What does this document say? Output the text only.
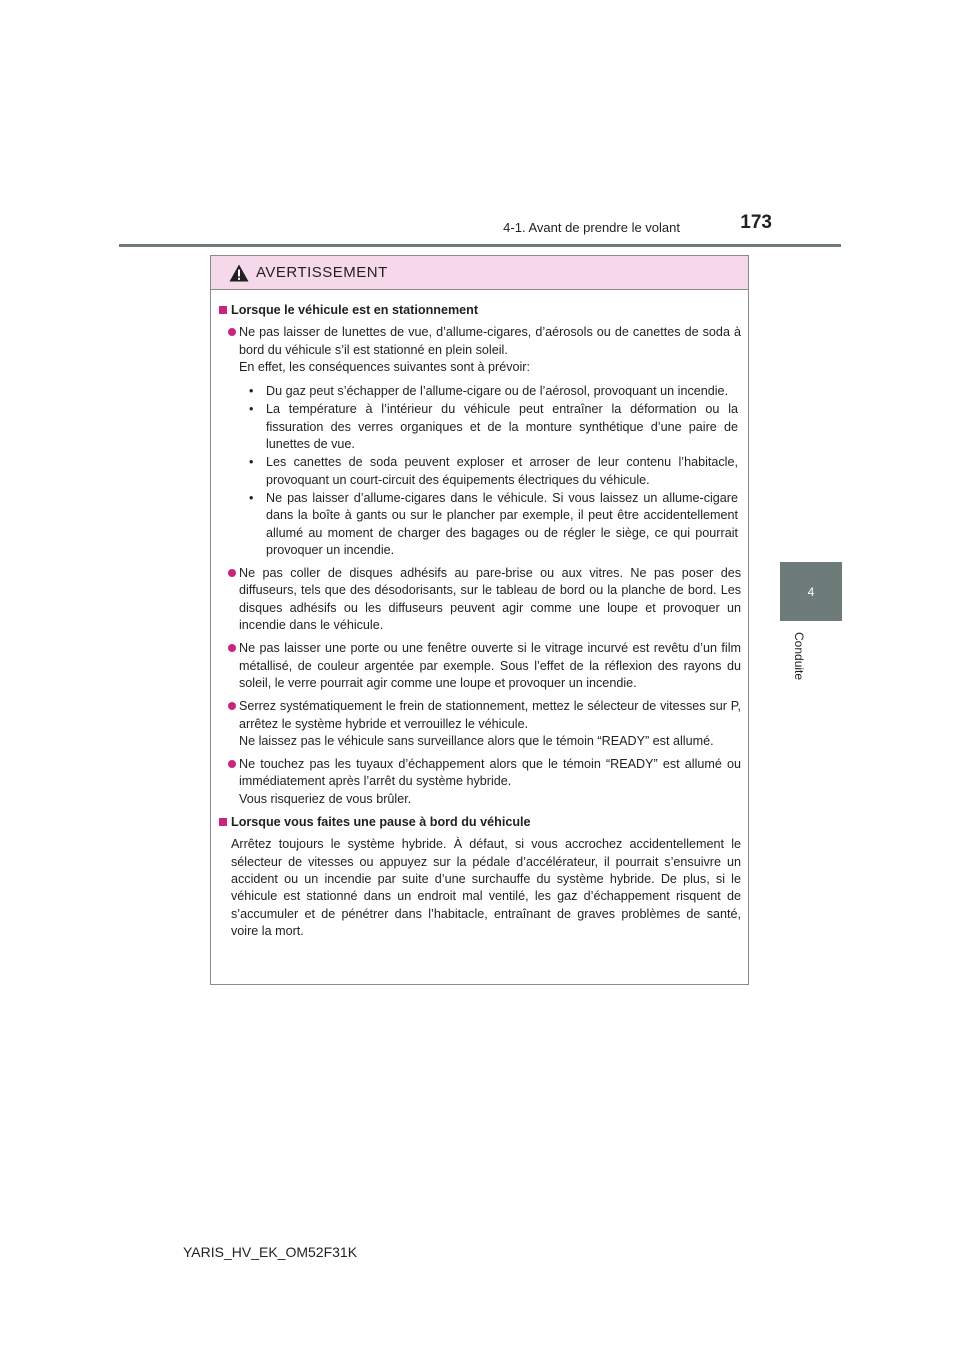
4-1. Avant de prendre le volant	173
4
Conduite
AVERTISSEMENT
Lorsque le véhicule est en stationnement

Ne pas laisser de lunettes de vue, d’allume-cigares, d’aérosols ou de canettes de soda à bord du véhicule s’il est stationné en plein soleil.

En effet, les conséquences suivantes sont à prévoir:

• Du gaz peut s’échapper de l’allume-cigare ou de l’aérosol, provoquant un incendie.
• La température à l’intérieur du véhicule peut entraîner la déformation ou la fissuration des verres organiques et de la monture synthétique d’une paire de lunettes de vue.
• Les canettes de soda peuvent exploser et arroser de leur contenu l’habitacle, provoquant un court-circuit des équipements électriques du véhicule.
• Ne pas laisser d’allume-cigares dans le véhicule. Si vous laissez un allume-cigare dans la boîte à gants ou sur le plancher par exemple, il peut être accidentellement allumé au moment de charger des bagages ou de régler le siège, ce qui pourrait provoquer un incendie.

Ne pas coller de disques adhésifs au pare-brise ou aux vitres. Ne pas poser des diffuseurs, tels que des désodorisants, sur le tableau de bord ou la planche de bord. Les disques adhésifs ou les diffuseurs peuvent agir comme une loupe et provoquer un incendie dans le véhicule.

Ne pas laisser une porte ou une fenêtre ouverte si le vitrage incurvé est revêtu d’un film métallisé, de couleur argentée par exemple. Sous l’effet de la réflexion des rayons du soleil, le verre pourrait agir comme une loupe et provoquer un incendie.

Serrez systématiquement le frein de stationnement, mettez le sélecteur de vitesses sur P, arrêtez le système hybride et verrouillez le véhicule.

Ne laissez pas le véhicule sans surveillance alors que le témoin “READY” est allumé.

Ne touchez pas les tuyaux d’échappement alors que le témoin “READY” est allumé ou immédiatement après l’arrêt du système hybride.

Vous risqueriez de vous brûler.

Lorsque vous faites une pause à bord du véhicule

Arrêtez toujours le système hybride. À défaut, si vous accrochez accidentellement le sélecteur de vitesses ou appuyez sur la pédale d’accélérateur, il pourrait s’ensuivre un accident ou un incendie par suite d’une surchauffe du système hybride. De plus, si le véhicule est stationné dans un endroit mal ventilé, les gaz d’échappement risquent de s’accumuler et de pénétrer dans l’habitacle, entraînant de graves problèmes de santé, voire la mort.

YARIS_HV_EK_OM52F31K
